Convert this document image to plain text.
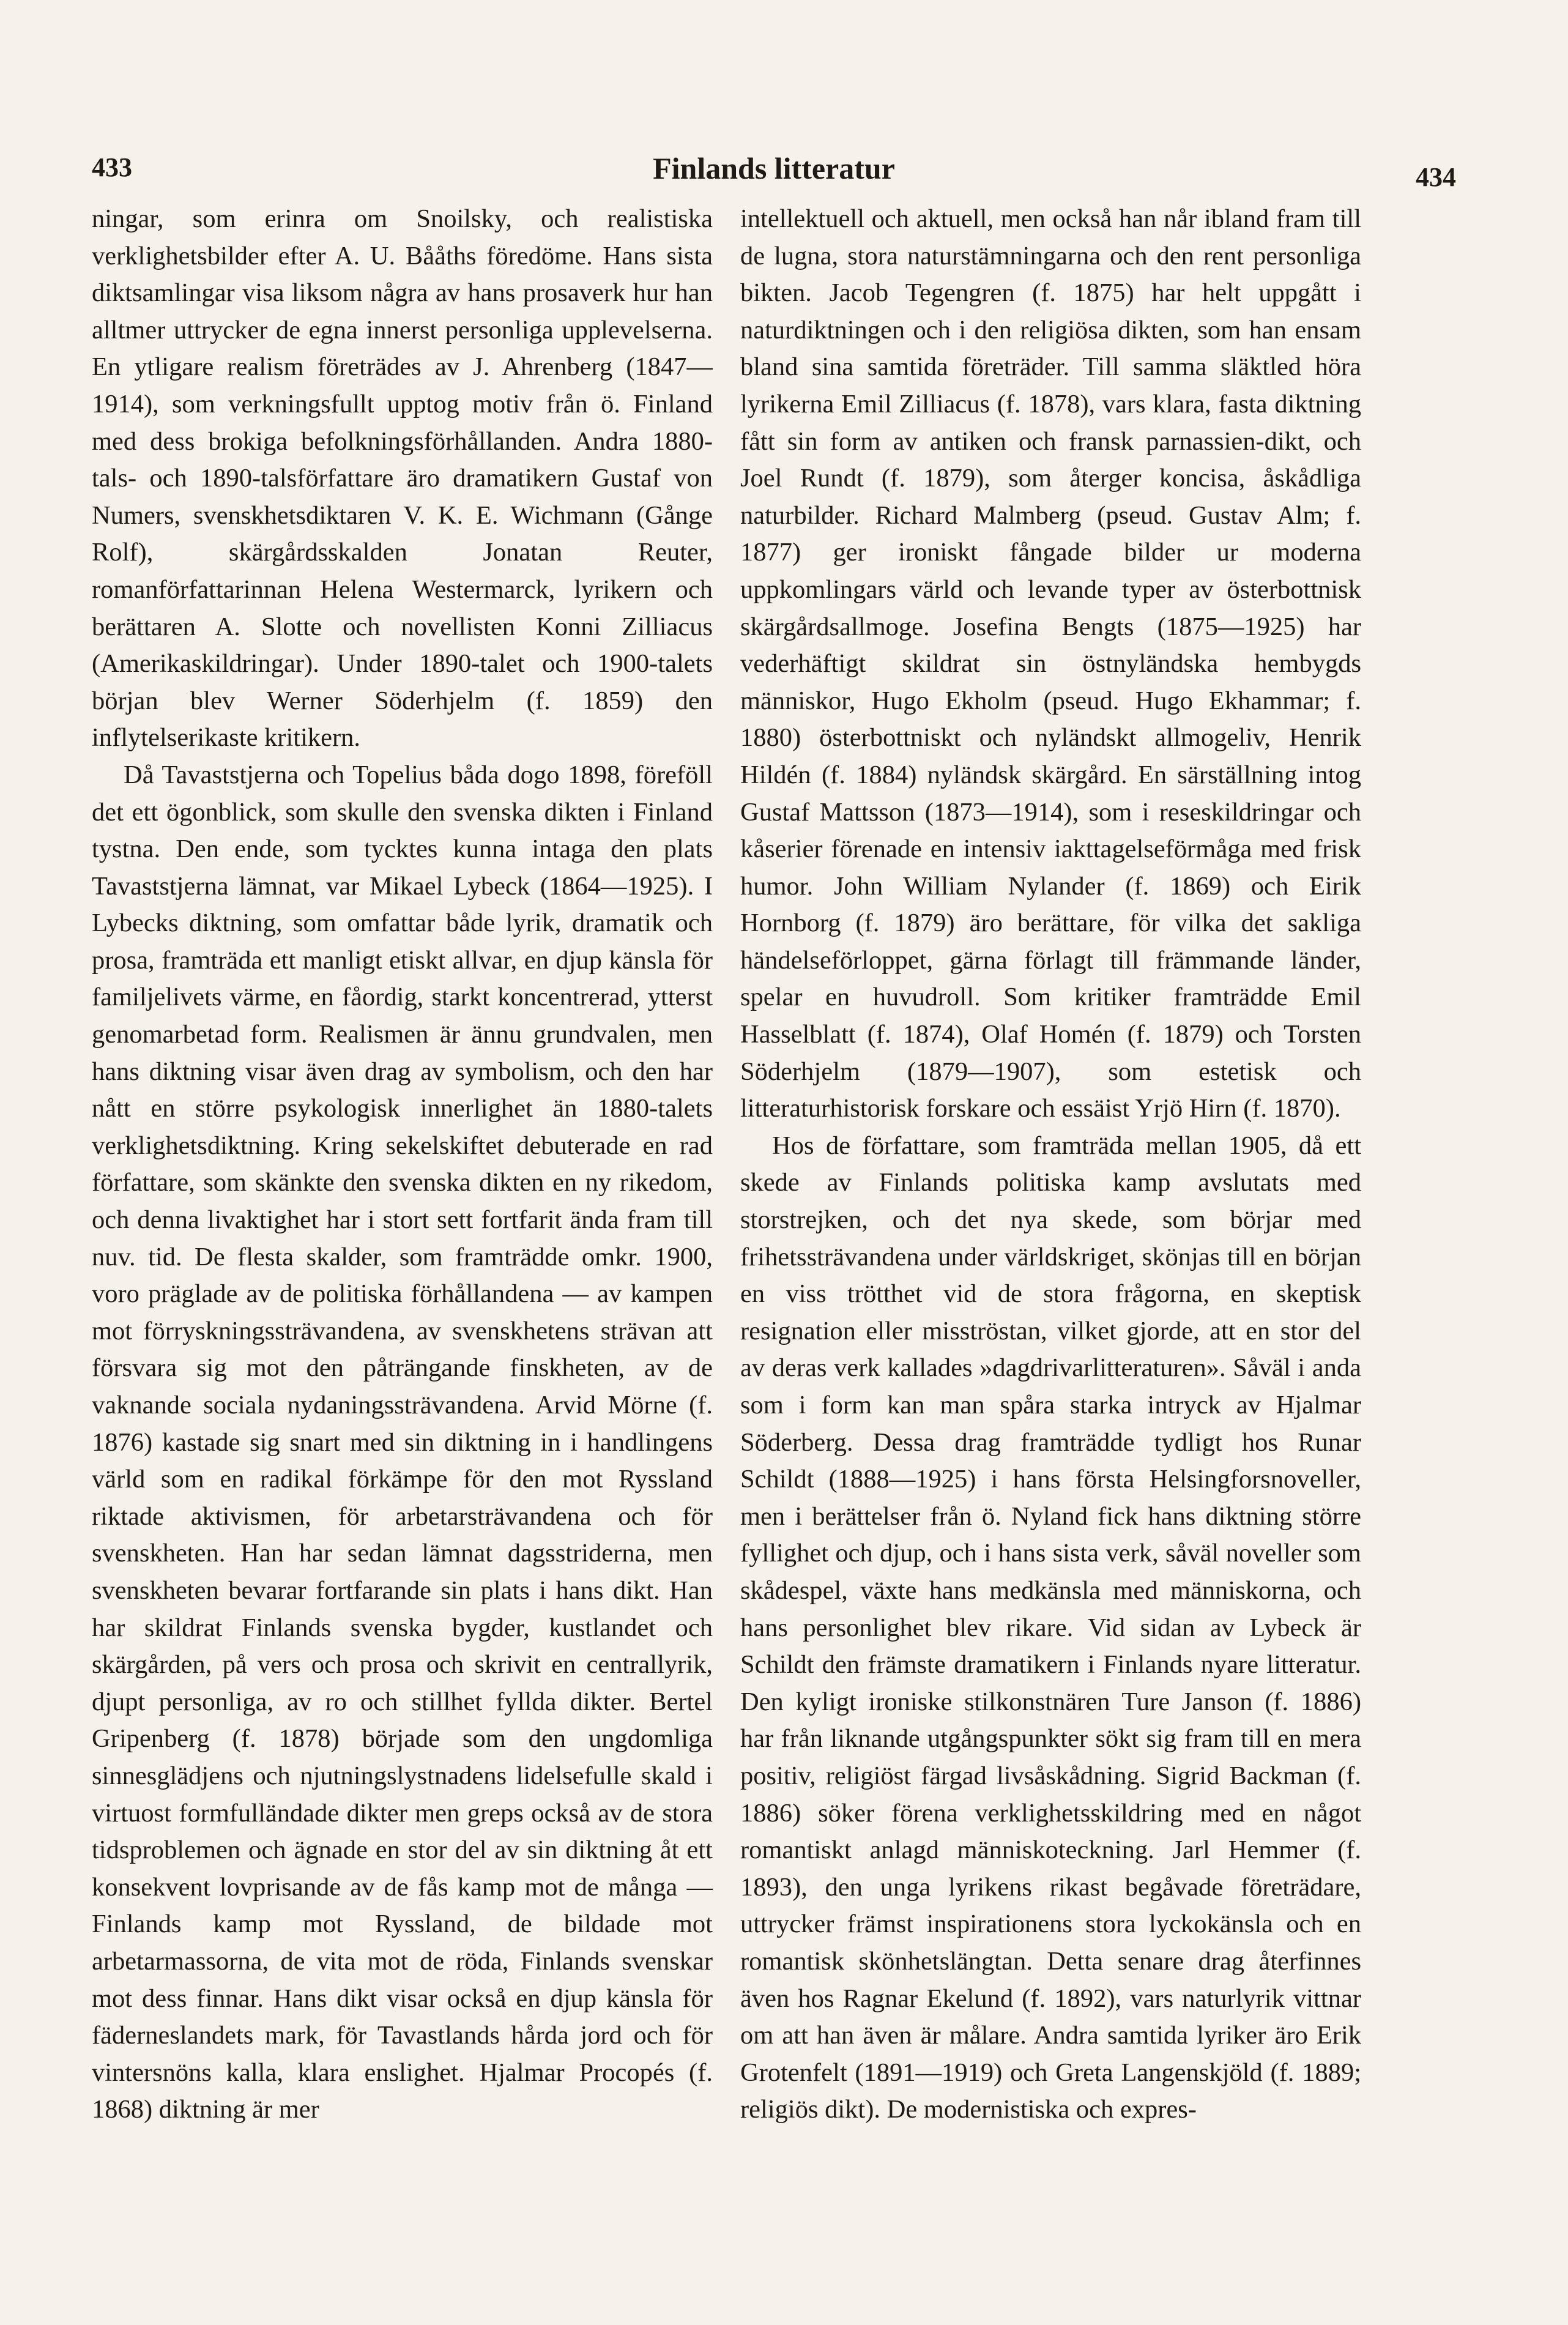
433	Finlands litteratur	434

ningar, som erinra om Snoilsky, och realistiska verklighetsbilder efter A. U. Bååths föredöme. Hans sista diktsamlingar visa liksom några av hans prosaverk hur han alltmer uttrycker de egna innerst personliga upplevelserna. En ytligare realism företrädes av J. Ahrenberg (1847—1914), som verkningsfullt upptog motiv från ö. Finland med dess brokiga befolkningsförhållanden. Andra 1880-tals- och 1890-talsförfattare äro dramatikern Gustaf von Numers, svenskhetsdiktaren V. K. E. Wichmann (Gånge Rolf), skärgårdsskalden Jonatan Reuter, romanförfattarinnan Helena Westermarck, lyrikern och berättaren A. Slotte och novellisten Konni Zilliacus (Amerikaskildringar). Under 1890-talet och 1900-talets början blev Werner Söderhjelm (f. 1859) den inflytelserikaste kritikern.

Då Tavaststjerna och Topelius båda dogo 1898, föreföll det ett ögonblick, som skulle den svenska dikten i Finland tystna. Den ende, som tycktes kunna intaga den plats Tavaststjerna lämnat, var Mikael Lybeck (1864—1925). I Lybecks diktning, som omfattar både lyrik, dramatik och prosa, framträda ett manligt etiskt allvar, en djup känsla för familjelivets värme, en fåordig, starkt koncentrerad, ytterst genomarbetad form. Realismen är ännu grundvalen, men hans diktning visar även drag av symbolism, och den har nått en större psykologisk innerlighet än 1880-talets verklighetsdiktning. Kring sekelskiftet debuterade en rad författare, som skänkte den svenska dikten en ny rikedom, och denna livaktighet har i stort sett fortfarit ända fram till nuv. tid. De flesta skalder, som framträdde omkr. 1900, voro präglade av de politiska förhållandena — av kampen mot förryskningssträvandena, av svenskhetens strävan att försvara sig mot den påträngande finskheten, av de vaknande sociala nydaningssträvandena. Arvid Mörne (f. 1876) kastade sig snart med sin diktning in i handlingens värld som en radikal förkämpe för den mot Ryssland riktade aktivismen, för arbetarsträvandena och för svenskheten. Han har sedan lämnat dagsstriderna, men svenskheten bevarar fortfarande sin plats i hans dikt. Han har skildrat Finlands svenska bygder, kustlandet och skärgården, på vers och prosa och skrivit en centrallyrik, djupt personliga, av ro och stillhet fyllda dikter. Bertel Gripenberg (f. 1878) började som den ungdomliga sinnesglädjens och njutningslystnadens lidelsefulle skald i virtuost formfulländade dikter men greps också av de stora tidsproblemen och ägnade en stor del av sin diktning åt ett konsekvent lovprisande av de fås kamp mot de många — Finlands kamp mot Ryssland, de bildade mot arbetarmassorna, de vita mot de röda, Finlands svenskar mot dess finnar. Hans dikt visar också en djup känsla för fäderneslandets mark, för Tavastlands hårda jord och för vintersnöns kalla, klara enslighet. Hjalmar Procopés (f. 1868) diktning är mer

intellektuell och aktuell, men också han når ibland fram till de lugna, stora naturstämningarna och den rent personliga bikten. Jacob Tegengren (f. 1875) har helt uppgått i naturdiktningen och i den religiösa dikten, som han ensam bland sina samtida företräder. Till samma släktled höra lyrikerna Emil Zilliacus (f. 1878), vars klara, fasta diktning fått sin form av antiken och fransk parnassien-dikt, och Joel Rundt (f. 1879), som återger koncisa, åskådliga naturbilder. Richard Malmberg (pseud. Gustav Alm; f. 1877) ger ironiskt fångade bilder ur moderna uppkomlingars värld och levande typer av österbottnisk skärgårdsallmoge. Josefina Bengts (1875—1925) har vederhäftigt skildrat sin östnyländska hembygds människor, Hugo Ekholm (pseud. Hugo Ekhammar; f. 1880) österbottniskt och nyländskt allmogeliv, Henrik Hildén (f. 1884) nyländsk skärgård. En särställning intog Gustaf Mattsson (1873—1914), som i reseskildringar och kåserier förenade en intensiv iakttagelseförmåga med frisk humor. John William Nylander (f. 1869) och Eirik Hornborg (f. 1879) äro berättare, för vilka det sakliga händelseförloppet, gärna förlagt till främmande länder, spelar en huvudroll. Som kritiker framträdde Emil Hasselblatt (f. 1874), Olaf Homén (f. 1879) och Torsten Söderhjelm (1879—1907), som estetisk och litteraturhistorisk forskare och essäist Yrjö Hirn (f. 1870).

Hos de författare, som framträda mellan 1905, då ett skede av Finlands politiska kamp avslutats med storstrejken, och det nya skede, som börjar med frihetssträvandena under världskriget, skönjas till en början en viss trötthet vid de stora frågorna, en skeptisk resignation eller misströstan, vilket gjorde, att en stor del av deras verk kallades »dagdrivarlitteraturen». Såväl i anda som i form kan man spåra starka intryck av Hjalmar Söderberg. Dessa drag framträdde tydligt hos Runar Schildt (1888—1925) i hans första Helsingforsnoveller, men i berättelser från ö. Nyland fick hans diktning större fyllighet och djup, och i hans sista verk, såväl noveller som skådespel, växte hans medkänsla med människorna, och hans personlighet blev rikare. Vid sidan av Lybeck är Schildt den främste dramatikern i Finlands nyare litteratur. Den kyligt ironiske stilkonstnären Ture Janson (f. 1886) har från liknande utgångspunkter sökt sig fram till en mera positiv, religiöst färgad livsåskådning. Sigrid Backman (f. 1886) söker förena verklighetsskildring med en något romantiskt anlagd människoteckning. Jarl Hemmer (f. 1893), den unga lyrikens rikast begåvade företrädare, uttrycker främst inspirationens stora lyckokänsla och en romantisk skönhetslängtan. Detta senare drag återfinnes även hos Ragnar Ekelund (f. 1892), vars naturlyrik vittnar om att han även är målare. Andra samtida lyriker äro Erik Grotenfelt (1891—1919) och Greta Langenskjöld (f. 1889; religiös dikt). De modernistiska och expres-
